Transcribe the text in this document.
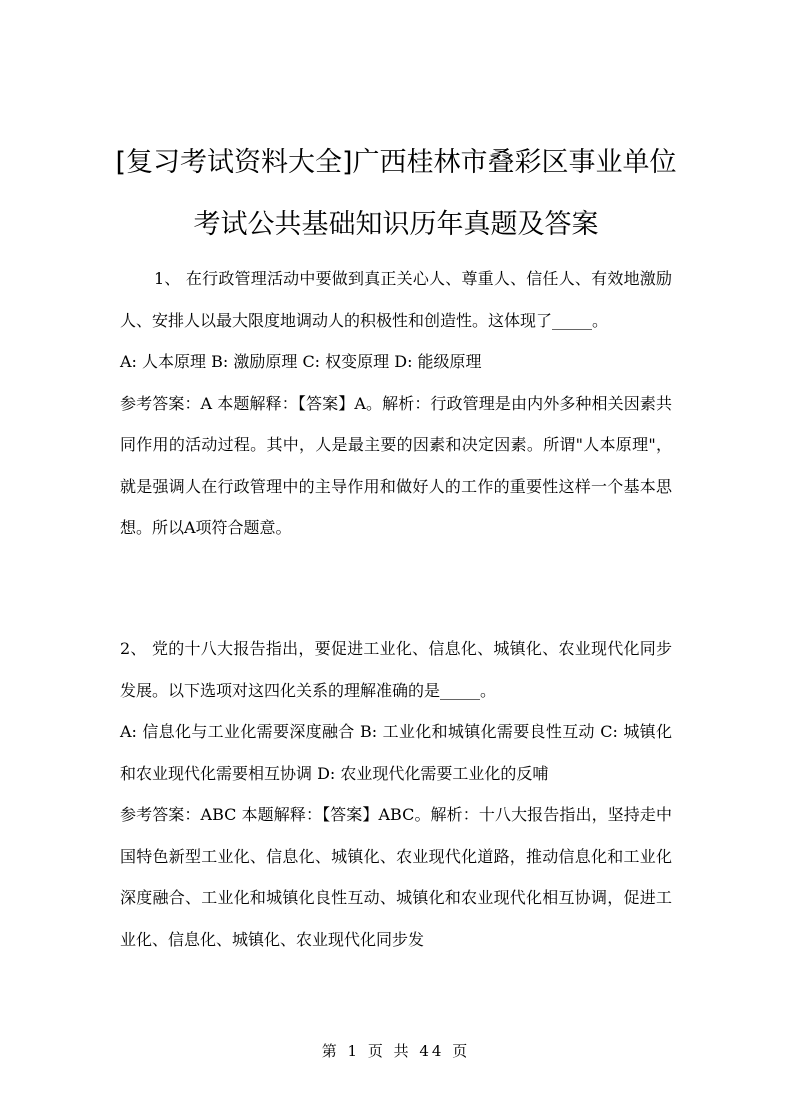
[复习考试资料大全]广西桂林市叠彩区事业单位
考试公共基础知识历年真题及答案

1、 在行政管理活动中要做到真正关心人、尊重人、信任人、有效地激励人、安排人以最大限度地调动人的积极性和创造性。这体现了_____。

A: 人本原理 B: 激励原理 C: 权变原理 D: 能级原理

参考答案：A 本题解释：【答案】A。解析：行政管理是由内外多种相关因素共同作用的活动过程。其中，人是最主要的因素和决定因素。所谓"人本原理"，就是强调人在行政管理中的主导作用和做好人的工作的重要性这样一个基本思想。所以A项符合题意。

2、 党的十八大报告指出，要促进工业化、信息化、城镇化、农业现代化同步发展。以下选项对这四化关系的理解准确的是_____。

A: 信息化与工业化需要深度融合 B: 工业化和城镇化需要良性互动 C: 城镇化和农业现代化需要相互协调 D: 农业现代化需要工业化的反哺

参考答案：ABC 本题解释：【答案】ABC。解析：十八大报告指出，坚持走中国特色新型工业化、信息化、城镇化、农业现代化道路，推动信息化和工业化深度融合、工业化和城镇化良性互动、城镇化和农业现代化相互协调，促进工业化、信息化、城镇化、农业现代化同步发

第 1 页 共 44 页
